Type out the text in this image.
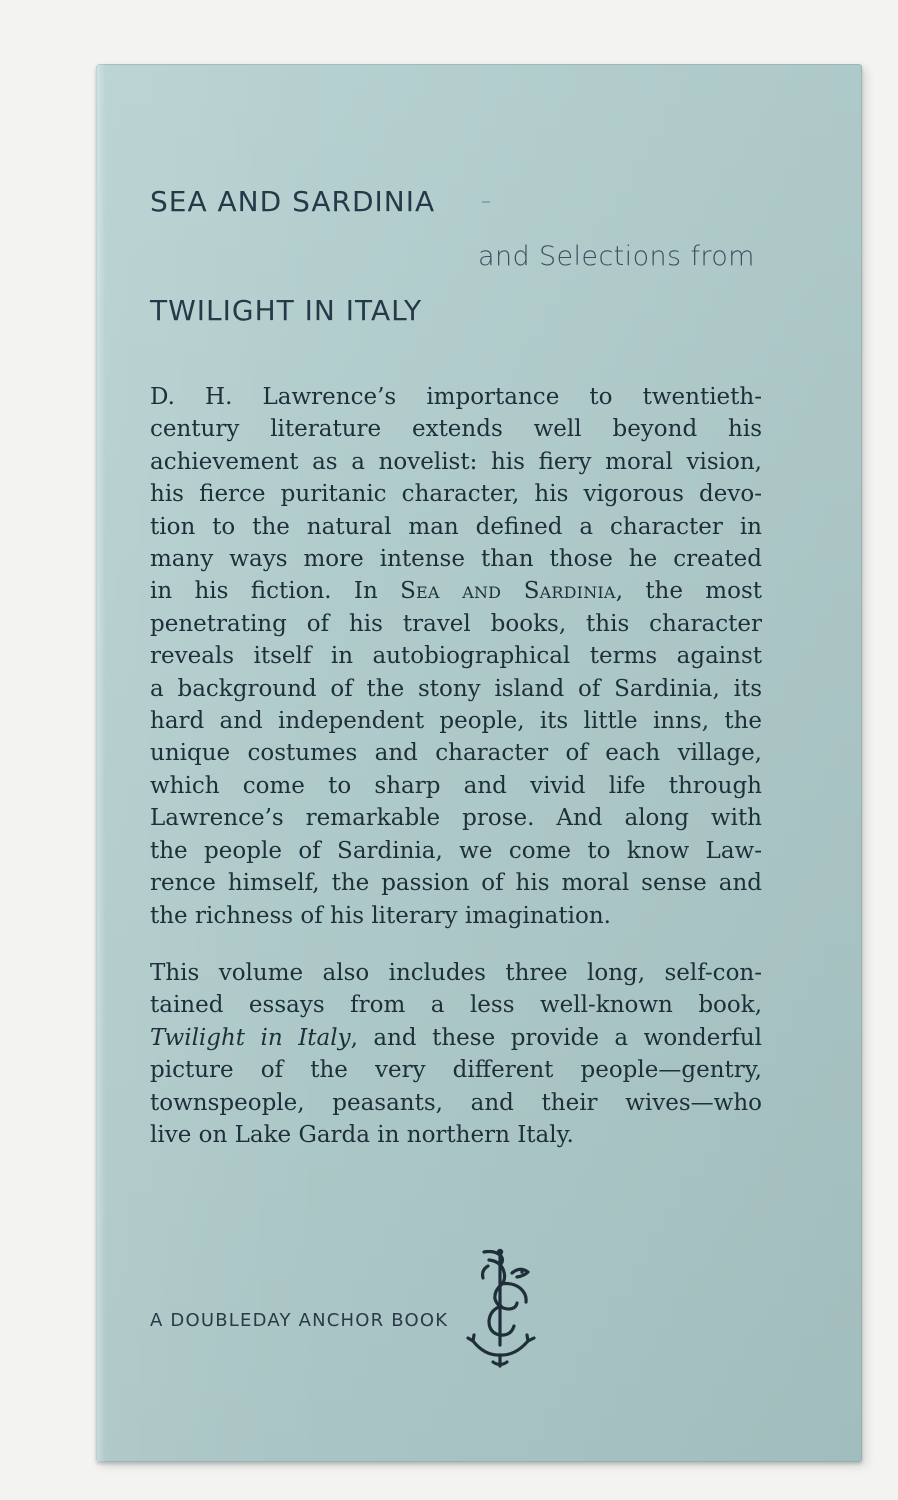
SEA AND SARDINIA

and Selections from

TWILIGHT IN ITALY

D. H. Lawrence’s importance to twentieth-
century literature extends well beyond his
achievement as a novelist: his fiery moral vision,
his fierce puritanic character, his vigorous devo-
tion to the natural man defined a character in
many ways more intense than those he created
in his fiction. In Sea and Sardinia, the most
penetrating of his travel books, this character
reveals itself in autobiographical terms against
a background of the stony island of Sardinia, its
hard and independent people, its little inns, the
unique costumes and character of each village,
which come to sharp and vivid life through
Lawrence’s remarkable prose. And along with
the people of Sardinia, we come to know Law-
rence himself, the passion of his moral sense and
the richness of his literary imagination.

This volume also includes three long, self-con-
tained essays from a less well-known book,
Twilight in Italy, and these provide a wonderful
picture of the very different people—gentry,
townspeople, peasants, and their wives—who
live on Lake Garda in northern Italy.

A DOUBLEDAY ANCHOR BOOK
